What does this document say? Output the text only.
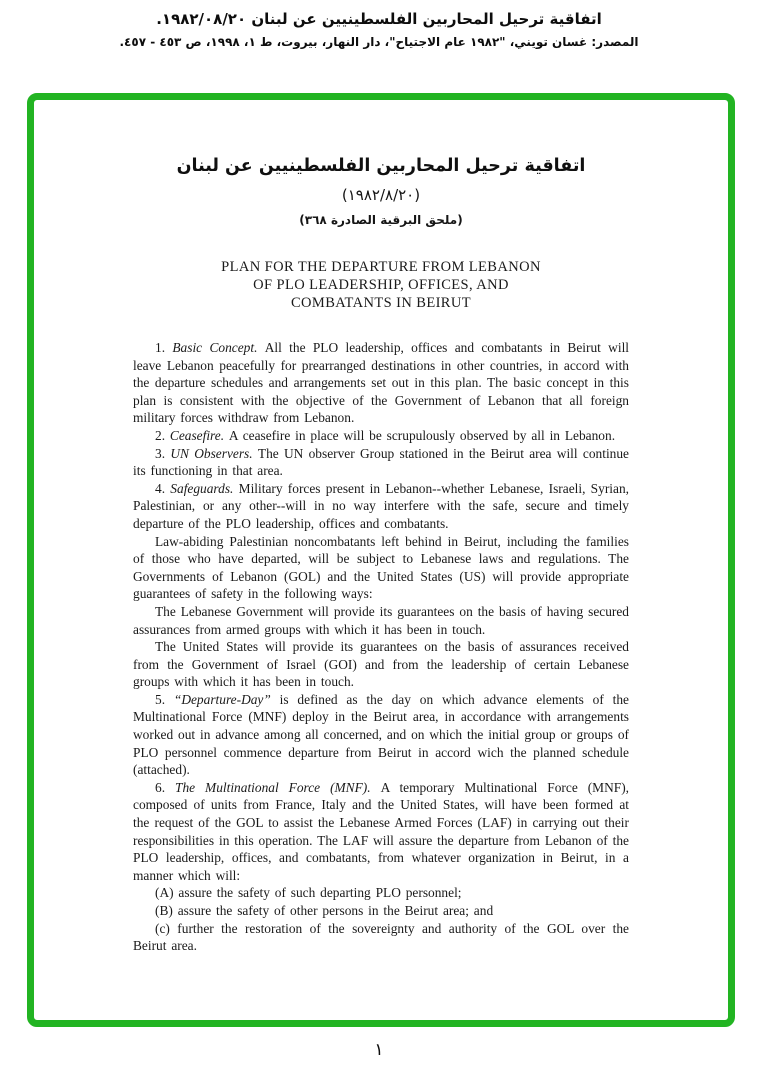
اتفاقية ترحيل المحاربين الفلسطينيين عن لبنان ١٩٨٢/٠٨/٢٠.
المصدر: غسان تويني، "١٩٨٢ عام الاجتياح"، دار النهار، بيروت، ط ١، ١٩٩٨، ص ٤٥٣ - ٤٥٧.
اتفاقية ترحيل المحاربين الفلسطينيين عن لبنان
(١٩٨٢/٨/٢٠)
(ملحق البرقية الصادرة ٣٦٨)
PLAN FOR THE DEPARTURE FROM LEBANON
OF PLO LEADERSHIP, OFFICES, AND
COMBATANTS IN BEIRUT

1. Basic Concept. All the PLO leadership, offices and combatants in Beirut will leave Lebanon peacefully for prearranged destinations in other countries, in accord with the departure schedules and arrangements set out in this plan. The basic concept in this plan is consistent with the objective of the Government of Lebanon that all foreign military forces withdraw from Lebanon.

2. Ceasefire. A ceasefire in place will be scrupulously observed by all in Lebanon.

3. UN Observers. The UN observer Group stationed in the Beirut area will continue its functioning in that area.

4. Safeguards. Military forces present in Lebanon--whether Lebanese, Israeli, Syrian, Palestinian, or any other--will in no way interfere with the safe, secure and timely departure of the PLO leadership, offices and combatants.

Law-abiding Palestinian noncombatants left behind in Beirut, including the families of those who have departed, will be subject to Lebanese laws and regulations. The Governments of Lebanon (GOL) and the United States (US) will provide appropriate guarantees of safety in the following ways:

The Lebanese Government will provide its guarantees on the basis of having secured assurances from armed groups with which it has been in touch.

The United States will provide its guarantees on the basis of assurances received from the Government of Israel (GOI) and from the leadership of certain Lebanese groups with which it has been in touch.

5. “Departure-Day” is defined as the day on which advance elements of the Multinational Force (MNF) deploy in the Beirut area, in accordance with arrangements worked out in advance among all concerned, and on which the initial group or groups of PLO personnel commence departure from Beirut in accord wich the planned schedule (attached).

6. The Multinational Force (MNF). A temporary Multinational Force (MNF), composed of units from France, Italy and the United States, will have been formed at the request of the GOL to assist the Lebanese Armed Forces (LAF) in carrying out their responsibilities in this operation. The LAF will assure the departure from Lebanon of the PLO leadership, offices, and combatants, from whatever organization in Beirut, in a manner which will:

(A) assure the safety of such departing PLO personnel;

(B) assure the safety of other persons in the Beirut area; and

(c) further the restoration of the sovereignty and authority of the GOL over the Beirut area.

١
